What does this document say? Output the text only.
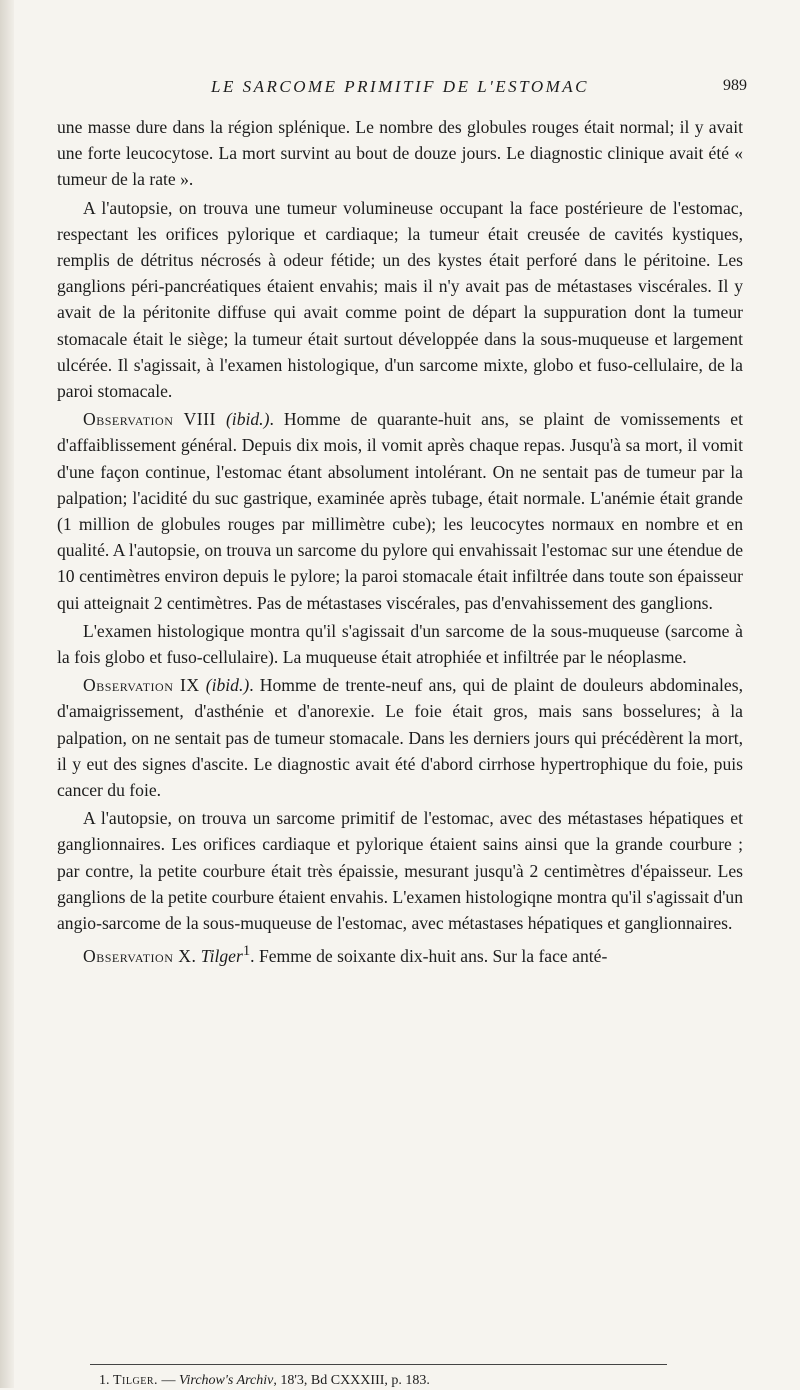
LE SARCOME PRIMITIF DE L'ESTOMAC	989

une masse dure dans la région splénique. Le nombre des globules rouges était normal; il y avait une forte leucocytose. La mort survint au bout de douze jours. Le diagnostic clinique avait été « tumeur de la rate ».

A l'autopsie, on trouva une tumeur volumineuse occupant la face postérieure de l'estomac, respectant les orifices pylorique et cardiaque; la tumeur était creusée de cavités kystiques, remplis de détritus nécrosés à odeur fétide; un des kystes était perforé dans le péritoine. Les ganglions péri-pancréatiques étaient envahis; mais il n'y avait pas de métastases viscérales. Il y avait de la péritonite diffuse qui avait comme point de départ la suppuration dont la tumeur stomacale était le siège; la tumeur était surtout développée dans la sous-muqueuse et largement ulcérée. Il s'agissait, à l'examen histologique, d'un sarcome mixte, globo et fuso-cellulaire, de la paroi stomacale.

Observation VIII (ibid.). Homme de quarante-huit ans, se plaint de vomissements et d'affaiblissement général. Depuis dix mois, il vomit après chaque repas. Jusqu'à sa mort, il vomit d'une façon continue, l'estomac étant absolument intolérant. On ne sentait pas de tumeur par la palpation; l'acidité du suc gastrique, examinée après tubage, était normale. L'anémie était grande (1 million de globules rouges par millimètre cube); les leucocytes normaux en nombre et en qualité. A l'autopsie, on trouva un sarcome du pylore qui envahissait l'estomac sur une étendue de 10 centimètres environ depuis le pylore; la paroi stomacale était infiltrée dans toute son épaisseur qui atteignait 2 centimètres. Pas de métastases viscérales, pas d'envahissement des ganglions.

L'examen histologique montra qu'il s'agissait d'un sarcome de la sous-muqueuse (sarcome à la fois globo et fuso-cellulaire). La muqueuse était atrophiée et infiltrée par le néoplasme.

Observation IX (ibid.). Homme de trente-neuf ans, qui de plaint de douleurs abdominales, d'amaigrissement, d'asthénie et d'anorexie. Le foie était gros, mais sans bosselures; à la palpation, on ne sentait pas de tumeur stomacale. Dans les derniers jours qui précédèrent la mort, il y eut des signes d'ascite. Le diagnostic avait été d'abord cirrhose hypertrophique du foie, puis cancer du foie.

A l'autopsie, on trouva un sarcome primitif de l'estomac, avec des métastases hépatiques et ganglionnaires. Les orifices cardiaque et pylorique étaient sains ainsi que la grande courbure ; par contre, la petite courbure était très épaissie, mesurant jusqu'à 2 centimètres d'épaisseur. Les ganglions de la petite courbure étaient envahis. L'examen histologiqne montra qu'il s'agissait d'un angio-sarcome de la sous-muqueuse de l'estomac, avec métastases hépatiques et ganglionnaires.

Observation X. Tilger$^1$. Femme de soixante dix-huit ans. Sur la face anté-

1. Tilger. — Virchow's Archiv, 18'3, Bd CXXXIII, p. 183.
